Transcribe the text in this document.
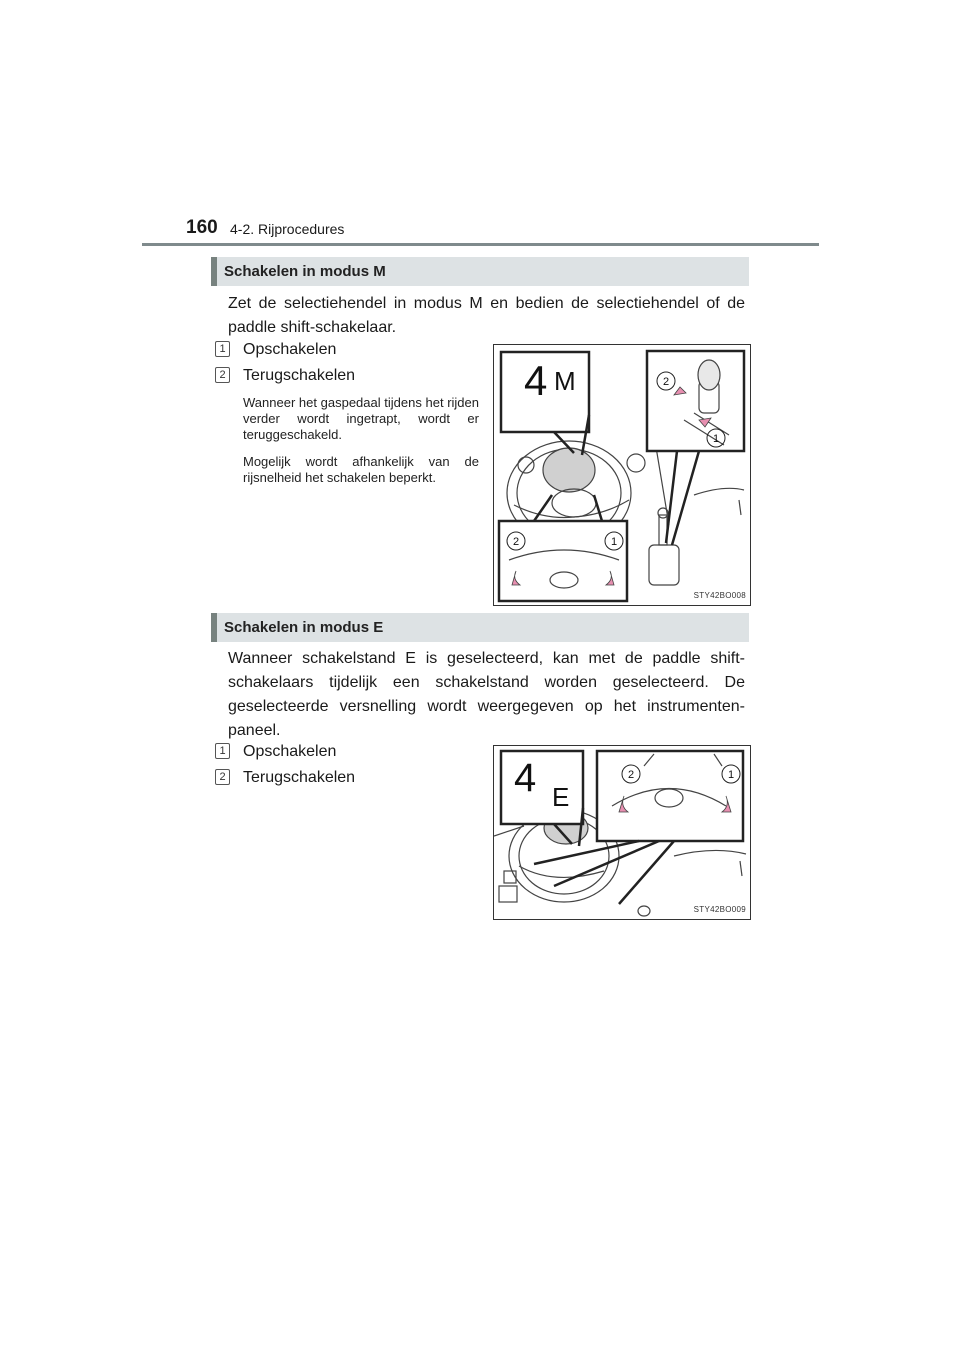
160 4-2. Rijprocedures
Schakelen in modus M
Zet de selectiehendel in modus M en bedien de selectiehendel of de paddle shift-schakelaar.
1 Opschakelen
2 Terugschakelen
Wanneer het gaspedaal tijdens het rijden verder wordt ingetrapt, wordt er teruggeschakeld.
Mogelijk wordt afhankelijk van de rijsnelheid het schakelen beperkt.
4 M	2
1
2	1
STY42BO008
Schakelen in modus E
Wanneer schakelstand E is geselecteerd, kan met de paddle shift-schakelaars tijdelijk een schakelstand worden geselecteerd. De geselecteerde versnelling wordt weergegeven op het instrumenten-paneel.
1 Opschakelen
2 Terugschakelen	4 E
2	1
STY42BO009
